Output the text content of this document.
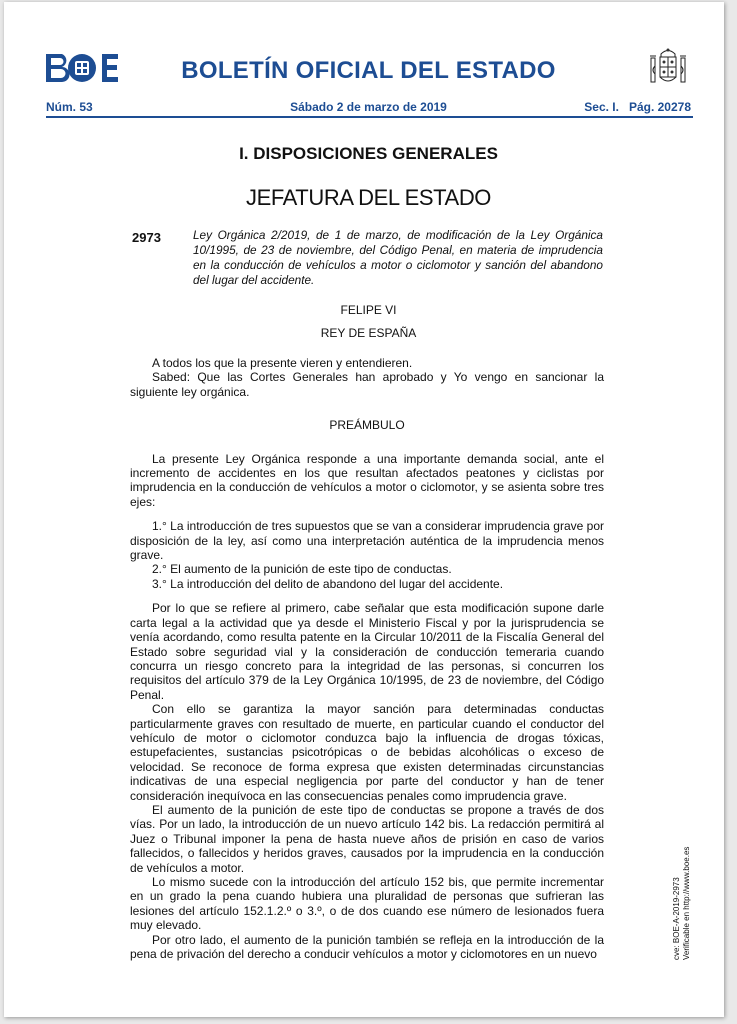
BOLETÍN OFICIAL DEL ESTADO
Núm. 53	Sábado 2 de marzo de 2019	Sec. I.   Pág. 20278
I. DISPOSICIONES GENERALES
JEFATURA DEL ESTADO
2973	Ley Orgánica 2/2019, de 1 de marzo, de modificación de la Ley Orgánica 10/1995, de 23 de noviembre, del Código Penal, en materia de imprudencia en la conducción de vehículos a motor o ciclomotor y sanción del abandono del lugar del accidente.
FELIPE VI
REY DE ESPAÑA

A todos los que la presente vieren y entendieren.

Sabed: Que las Cortes Generales han aprobado y Yo vengo en sancionar la siguiente ley orgánica.

PREÁMBULO

La presente Ley Orgánica responde a una importante demanda social, ante el incremento de accidentes en los que resultan afectados peatones y ciclistas por imprudencia en la conducción de vehículos a motor o ciclomotor, y se asienta sobre tres ejes:

1.° La introducción de tres supuestos que se van a considerar imprudencia grave por disposición de la ley, así como una interpretación auténtica de la imprudencia menos grave.

2.° El aumento de la punición de este tipo de conductas.

3.° La introducción del delito de abandono del lugar del accidente.

Por lo que se refiere al primero, cabe señalar que esta modificación supone darle carta legal a la actividad que ya desde el Ministerio Fiscal y por la jurisprudencia se venía acordando, como resulta patente en la Circular 10/2011 de la Fiscalía General del Estado sobre seguridad vial y la consideración de conducción temeraria cuando concurra un riesgo concreto para la integridad de las personas, si concurren los requisitos del artículo 379 de la Ley Orgánica 10/1995, de 23 de noviembre, del Código Penal.

Con ello se garantiza la mayor sanción para determinadas conductas particularmente graves con resultado de muerte, en particular cuando el conductor del vehículo de motor o ciclomotor conduzca bajo la influencia de drogas tóxicas, estupefacientes, sustancias psicotrópicas o de bebidas alcohólicas o exceso de velocidad. Se reconoce de forma expresa que existen determinadas circunstancias indicativas de una especial negligencia por parte del conductor y han de tener consideración inequívoca en las consecuencias penales como imprudencia grave.

El aumento de la punición de este tipo de conductas se propone a través de dos vías. Por un lado, la introducción de un nuevo artículo 142 bis. La redacción permitirá al Juez o Tribunal imponer la pena de hasta nueve años de prisión en caso de varios fallecidos, o fallecidos y heridos graves, causados por la imprudencia en la conducción de vehículos a motor.

Lo mismo sucede con la introducción del artículo 152 bis, que permite incrementar en un grado la pena cuando hubiera una pluralidad de personas que sufrieran las lesiones del artículo 152.1.2.º o 3.º, o de dos cuando ese número de lesionados fuera muy elevado.

Por otro lado, el aumento de la punición también se refleja en la introducción de la pena de privación del derecho a conducir vehículos a motor y ciclomotores en un nuevo	cve: BOE-A-2019-2973 Verificable en http://www.boe.es
